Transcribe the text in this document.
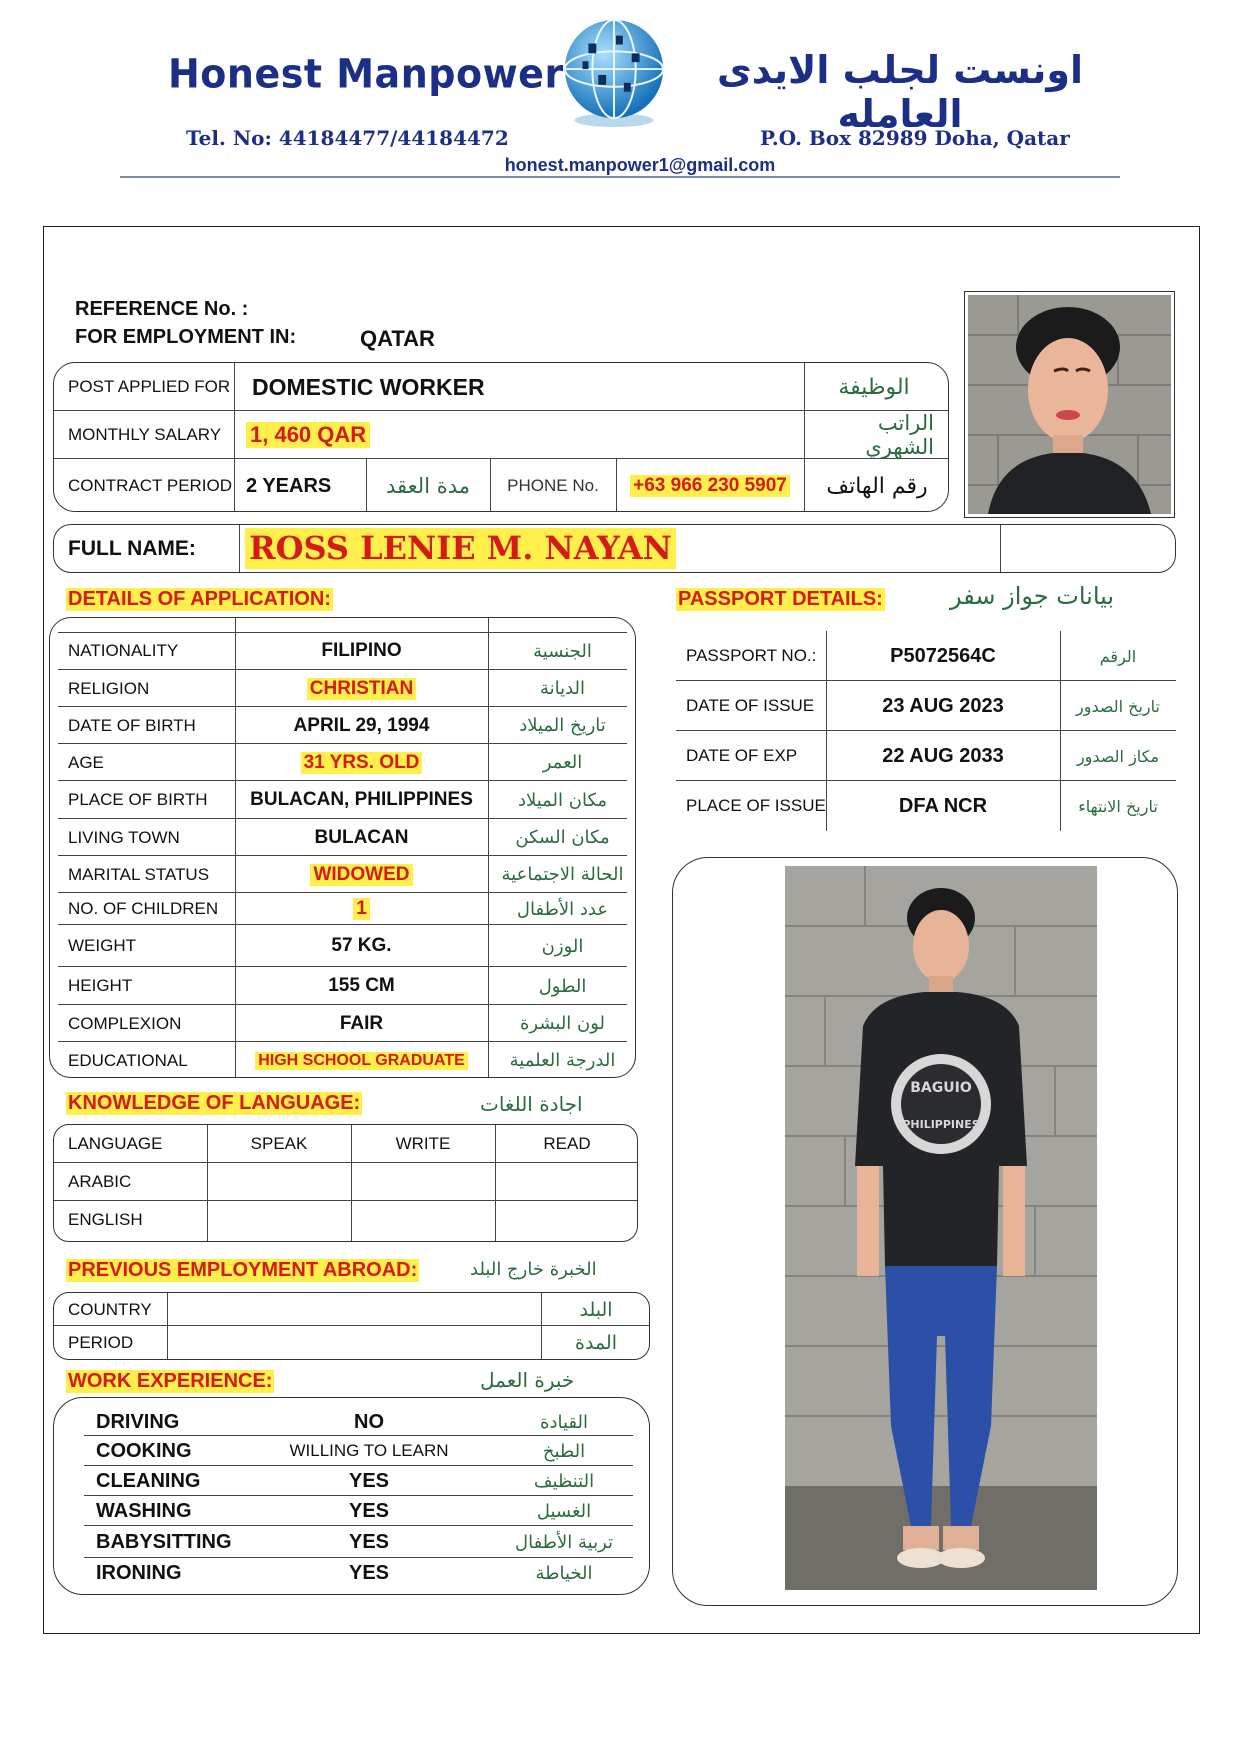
Honest Manpower	اونست لجلب الايدى العامله
Tel. No: 44184477/44184472	P.O. Box 82989 Doha, Qatar
honest.manpower1@gmail.com
REFERENCE No. :
FOR EMPLOYMENT IN:	QATAR
POST APPLIED FOR DOMESTIC WORKER	الوظيفة
MONTHLY SALARY 1, 460 QAR	الراتب الشهري
CONTRACT PERIOD 2 YEARS	مدة العقد	PHONE No.	+63 966 230 5907	رقم الهاتف
FULL NAME: ROSS LENIE M. NAYAN
DETAILS OF APPLICATION:
NATIONALITY	FILIPINO	الجنسية
RELIGION	CHRISTIAN	الديانة
DATE OF BIRTH	APRIL 29, 1994	تاريخ الميلاد
AGE	31 YRS. OLD	العمر
PLACE OF BIRTH BULACAN, PHILIPPINES	مكان الميلاد
LIVING TOWN	BULACAN	مكان السكن
MARITAL STATUS	WIDOWED	الحالة الاجتماعية
NO. OF CHILDREN	1	عدد الأطفال
WEIGHT	57 KG.	الوزن
HEIGHT	155 CM	الطول
COMPLEXION	FAIR	لون البشرة
EDUCATIONAL	HIGH SCHOOL GRADUATE	الدرجة العلمية
PASSPORT DETAILS:	بيانات جواز سفر
PASSPORT NO.:	P5072564C	الرقم
DATE OF ISSUE	23 AUG 2023	تاريخ الصدور
DATE OF EXP	22 AUG 2033	مكاز الصدور
PLACE OF ISSUE	DFA NCR	تاريخ الانتهاء
BAGUIO
PHILIPPINES
KNOWLEDGE OF LANGUAGE:	اجادة اللغات
LANGUAGE	SPEAK	WRITE	READ
ARABIC
ENGLISH
PREVIOUS EMPLOYMENT ABROAD:	الخبرة خارج البلد
COUNTRY	البلد
PERIOD	المدة
WORK EXPERIENCE:	خبرة العمل
DRIVING	NO	القيادة
COOKING	WILLING TO LEARN	الطبخ
CLEANING	YES	التنظيف
WASHING	YES	الغسيل
BABYSITTING	YES	تربية الأطفال
IRONING	YES	الخياطة
